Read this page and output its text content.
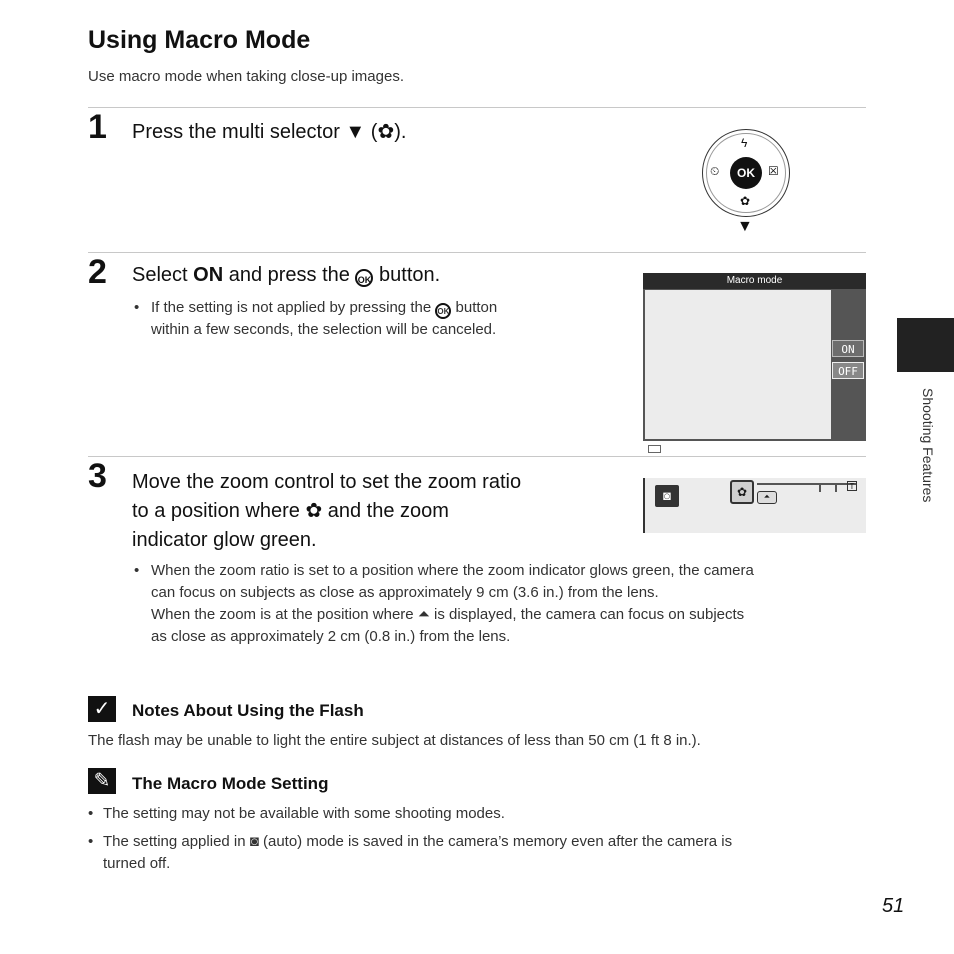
Using Macro Mode
Use macro mode when taking close-up images.
1 Press the multi selector ▼ (✿).
OK
ϟ
⏲	☒
✿
▼
2 Select ON and press the OK button.
• If the setting is not applied by pressing the OK button
within a few seconds, the selection will be canceled.
Macro mode
ON
OFF
3 Move the zoom control to set the zoom ratio
to a position where ✿ and the zoom
indicator glow green.
◙
T
✿	⏶
• When the zoom ratio is set to a position where the zoom indicator glows green, the camera
can focus on subjects as close as approximately 9 cm (3.6 in.) from the lens.
When the zoom is at the position where ⏶ is displayed, the camera can focus on subjects
as close as approximately 2 cm (0.8 in.) from the lens.
✓	Notes About Using the Flash
The flash may be unable to light the entire subject at distances of less than 50 cm (1 ft 8 in.).
✎	The Macro Mode Setting
• The setting may not be available with some shooting modes.
• The setting applied in ◙ (auto) mode is saved in the camera’s memory even after the camera is
turned off.
Shooting Features
51
